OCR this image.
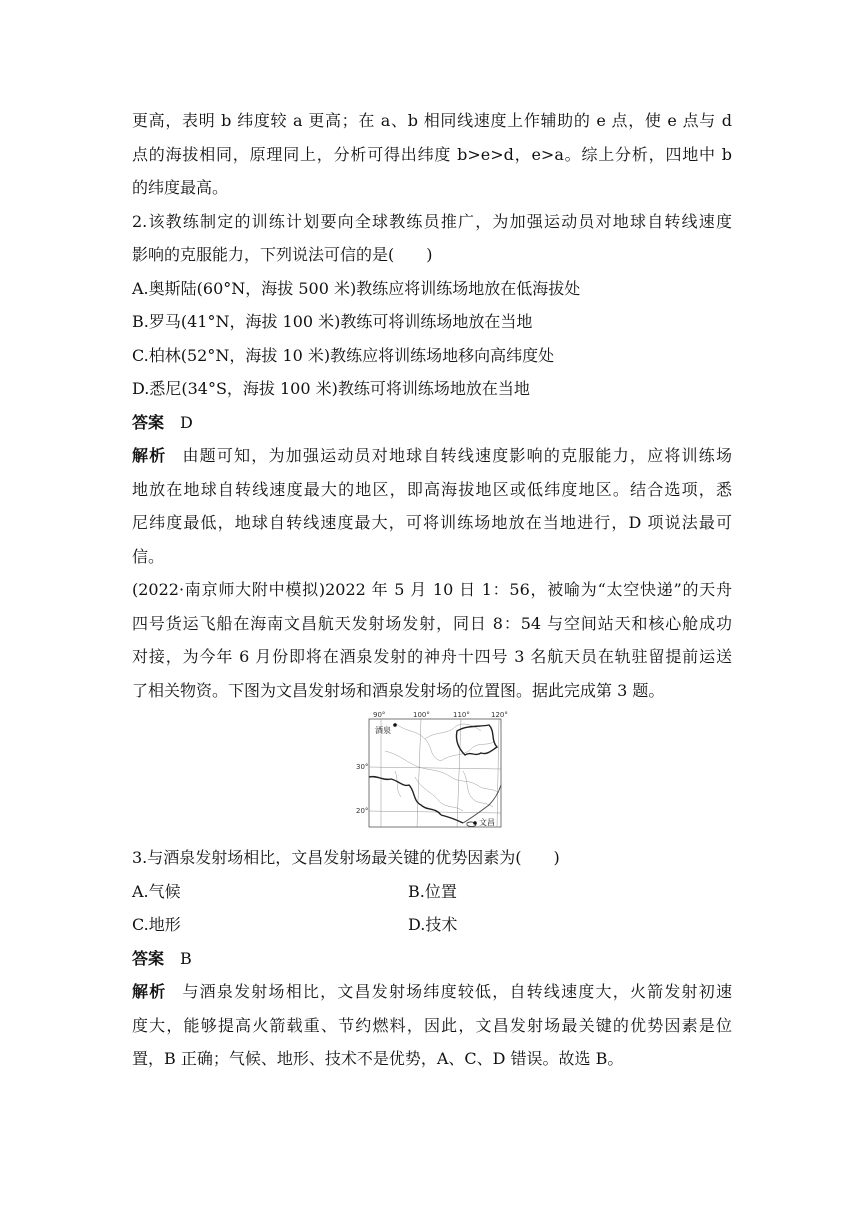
更高，表明 b 纬度较 a 更高；在 a、b 相同线速度上作辅助的 e 点，使 e 点与 d
点的海拔相同，原理同上，分析可得出纬度 b>e>d，e>a。综上分析，四地中 b
的纬度最高。
2.该教练制定的训练计划要向全球教练员推广，为加强运动员对地球自转线速度
影响的克服能力，下列说法可信的是(　　)
A.奥斯陆(60°N，海拔 500 米)教练应将训练场地放在低海拔处
B.罗马(41°N，海拔 100 米)教练可将训练场地放在当地
C.柏林(52°N，海拔 10 米)教练应将训练场地移向高纬度处
D.悉尼(34°S，海拔 100 米)教练可将训练场地放在当地
答案 D
解析 由题可知，为加强运动员对地球自转线速度影响的克服能力，应将训练场
地放在地球自转线速度最大的地区，即高海拔地区或低纬度地区。结合选项，悉
尼纬度最低，地球自转线速度最大，可将训练场地放在当地进行，D 项说法最可
信。
(2022·南京师大附中模拟)2022 年 5 月 10 日 1：56，被喻为“太空快递”的天舟
四号货运飞船在海南文昌航天发射场发射，同日 8：54 与空间站天和核心舱成功
对接，为今年 6 月份即将在酒泉发射的神舟十四号 3 名航天员在轨驻留提前运送
了相关物资。下图为文昌发射场和酒泉发射场的位置图。据此完成第 3 题。
酒泉
文昌
90°	100°	110°	120°
30°
20°
3.与酒泉发射场相比，文昌发射场最关键的优势因素为(　　)
A.气候	B.位置
C.地形	D.技术
答案 B
解析 与酒泉发射场相比，文昌发射场纬度较低，自转线速度大，火箭发射初速
度大，能够提高火箭载重、节约燃料，因此，文昌发射场最关键的优势因素是位
置，B 正确；气候、地形、技术不是优势，A、C、D 错误。故选 B。
